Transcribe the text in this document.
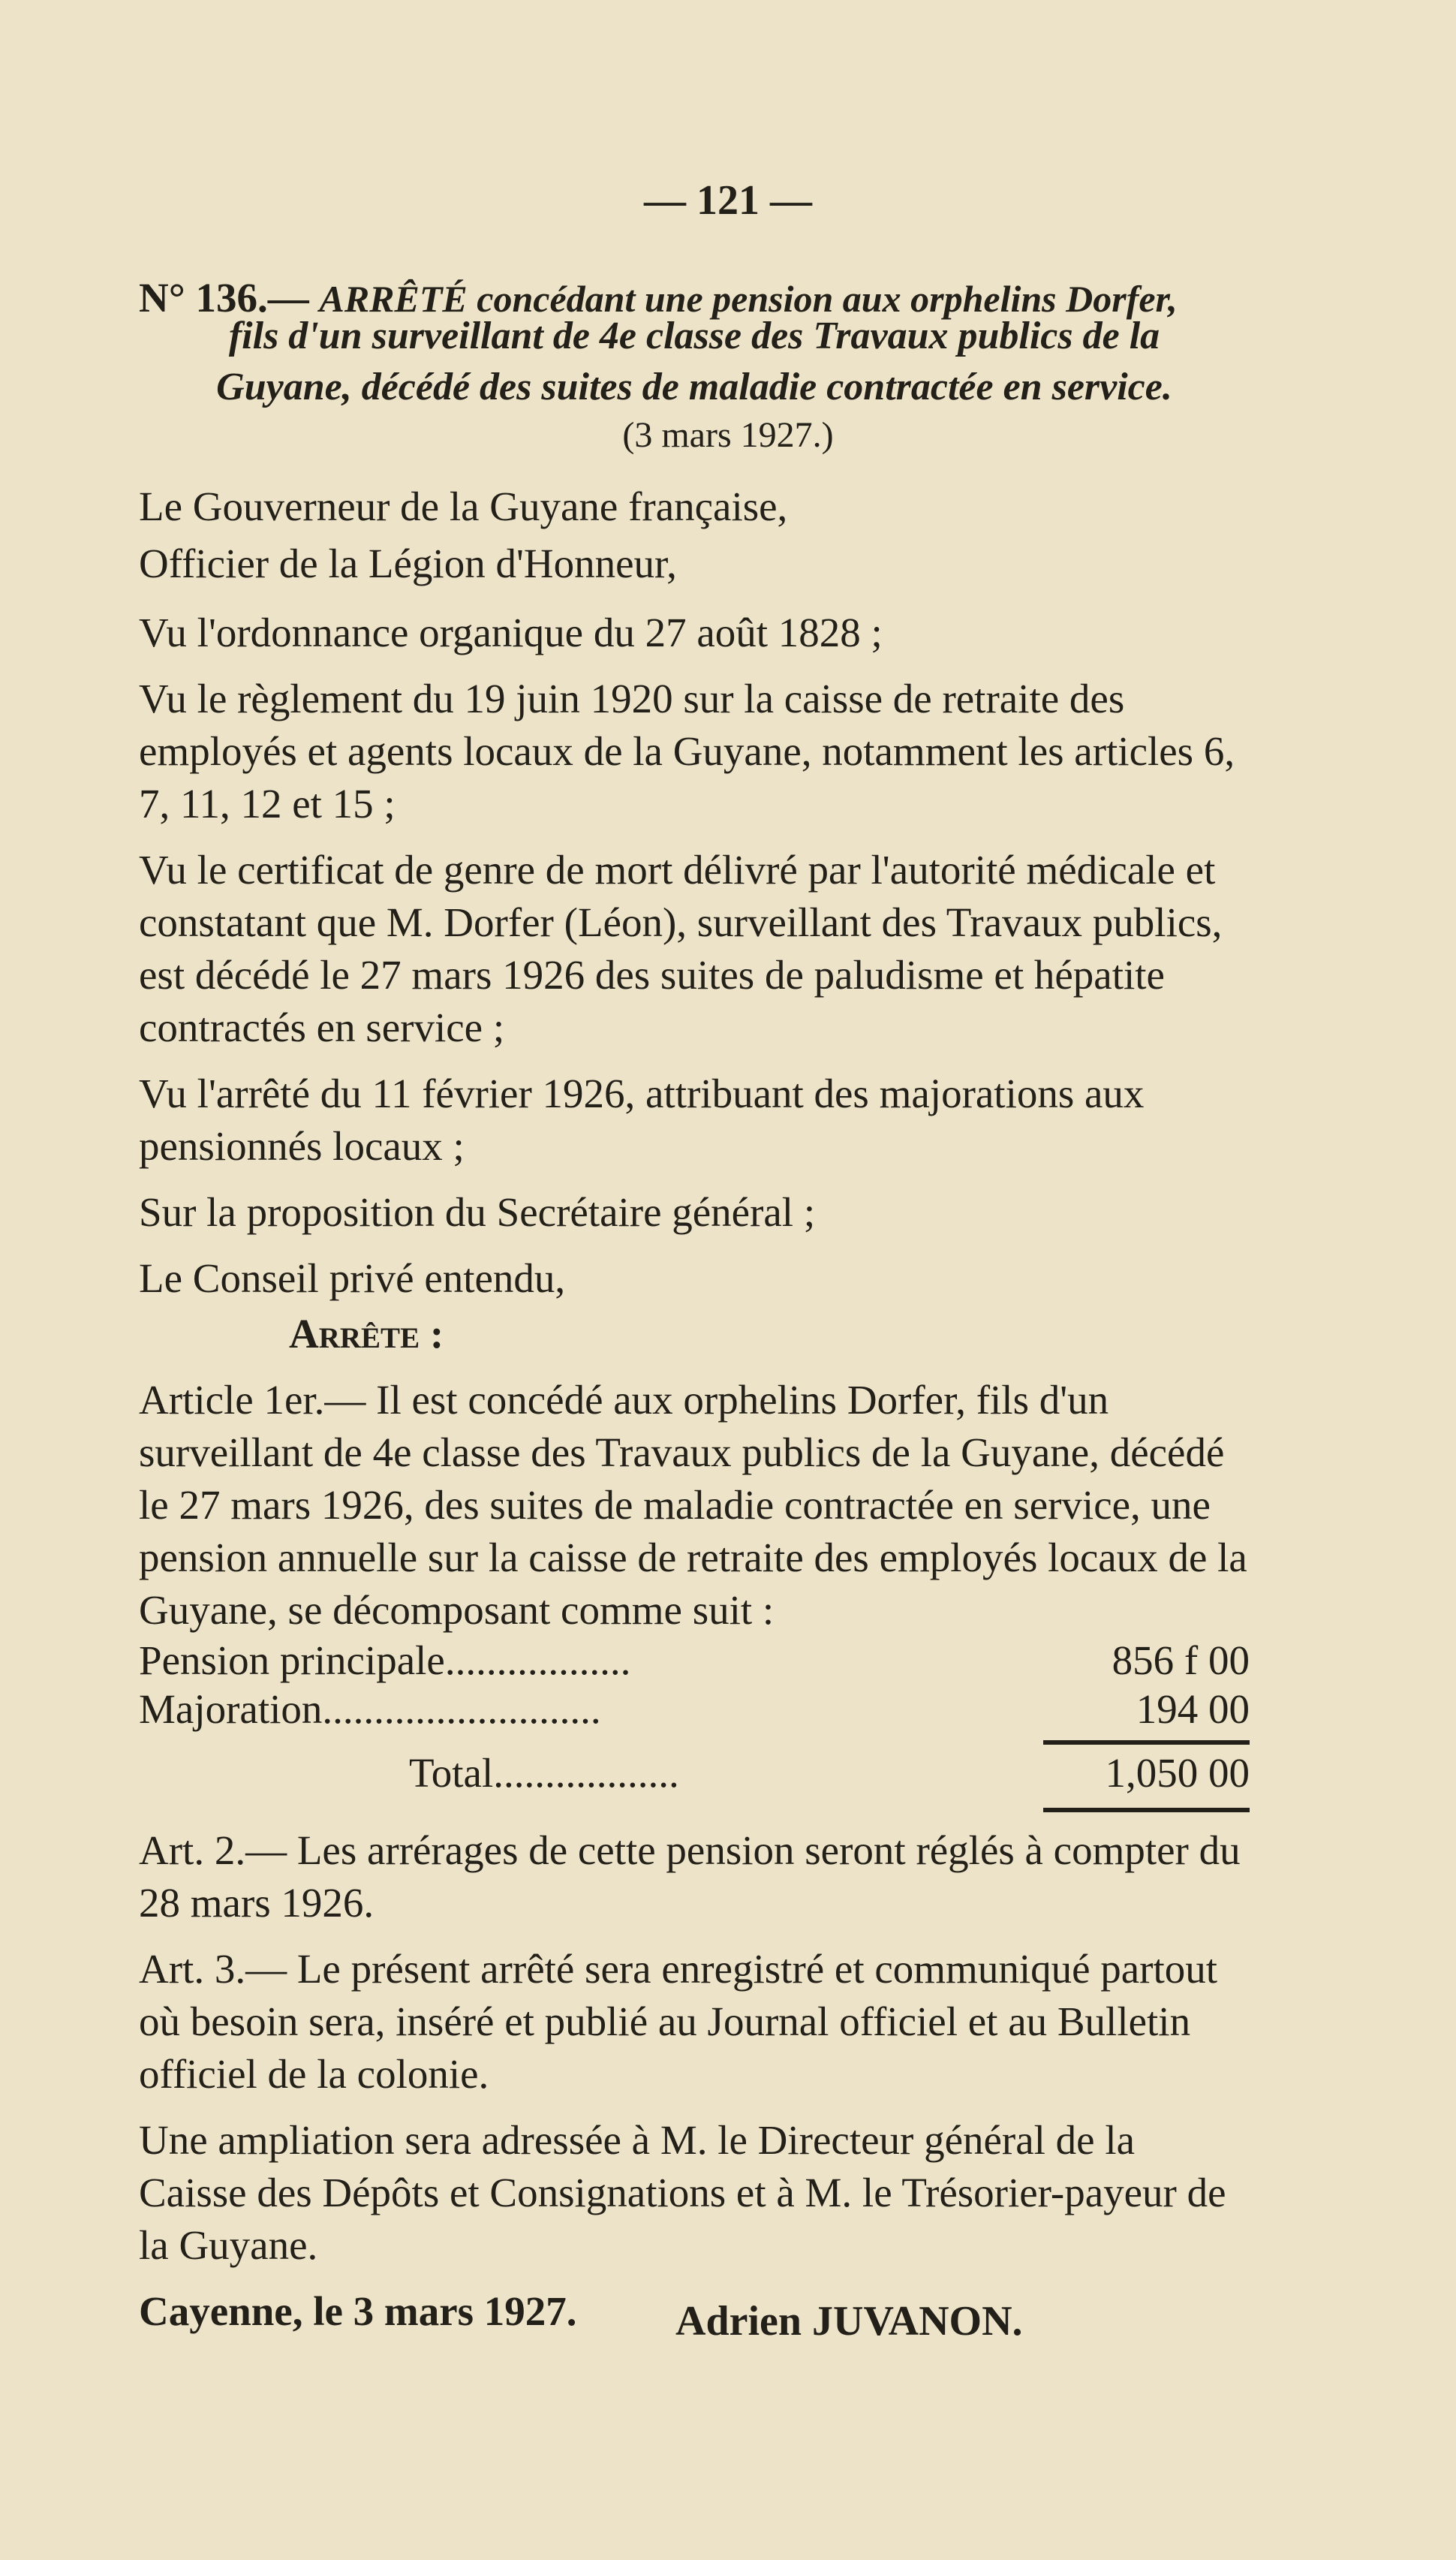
— 121 —
N° 136.— ARRÊTÉ concédant une pension aux orphelins Dorfer,
fils d'un surveillant de 4e classe des Travaux publics de la
Guyane, décédé des suites de maladie contractée en service.
(3 mars 1927.)

Le Gouverneur de la Guyane française,

Officier de la Légion d'Honneur,

Vu l'ordonnance organique du 27 août 1828 ;

Vu le règlement du 19 juin 1920 sur la caisse de retraite des employés et agents locaux de la Guyane, notamment les articles 6, 7, 11, 12 et 15 ;

Vu le certificat de genre de mort délivré par l'autorité médicale et constatant que M. Dorfer (Léon), surveillant des Travaux publics, est décédé le 27 mars 1926 des suites de paludisme et hépatite contractés en service ;

Vu l'arrêté du 11 février 1926, attribuant des majorations aux pensionnés locaux ;

Sur la proposition du Secrétaire général ;

Le Conseil privé entendu,

Arrête :

Article 1er.— Il est concédé aux orphelins Dorfer, fils d'un surveillant de 4e classe des Travaux publics de la Guyane, décédé le 27 mars 1926, des suites de maladie contractée en service, une pension annuelle sur la caisse de retraite des employés locaux de la Guyane, se décomposant comme suit :

Pension principale..................	856 f 00
Majoration...........................	194 00
Total..................	1,050 00

Art. 2.— Les arrérages de cette pension seront réglés à compter du 28 mars 1926.

Art. 3.— Le présent arrêté sera enregistré et communiqué partout où besoin sera, inséré et publié au Journal officiel et au Bulletin officiel de la colonie.

Une ampliation sera adressée à M. le Directeur général de la Caisse des Dépôts et Consignations et à M. le Trésorier-payeur de la Guyane.

Cayenne, le 3 mars 1927.	Adrien JUVANON.
